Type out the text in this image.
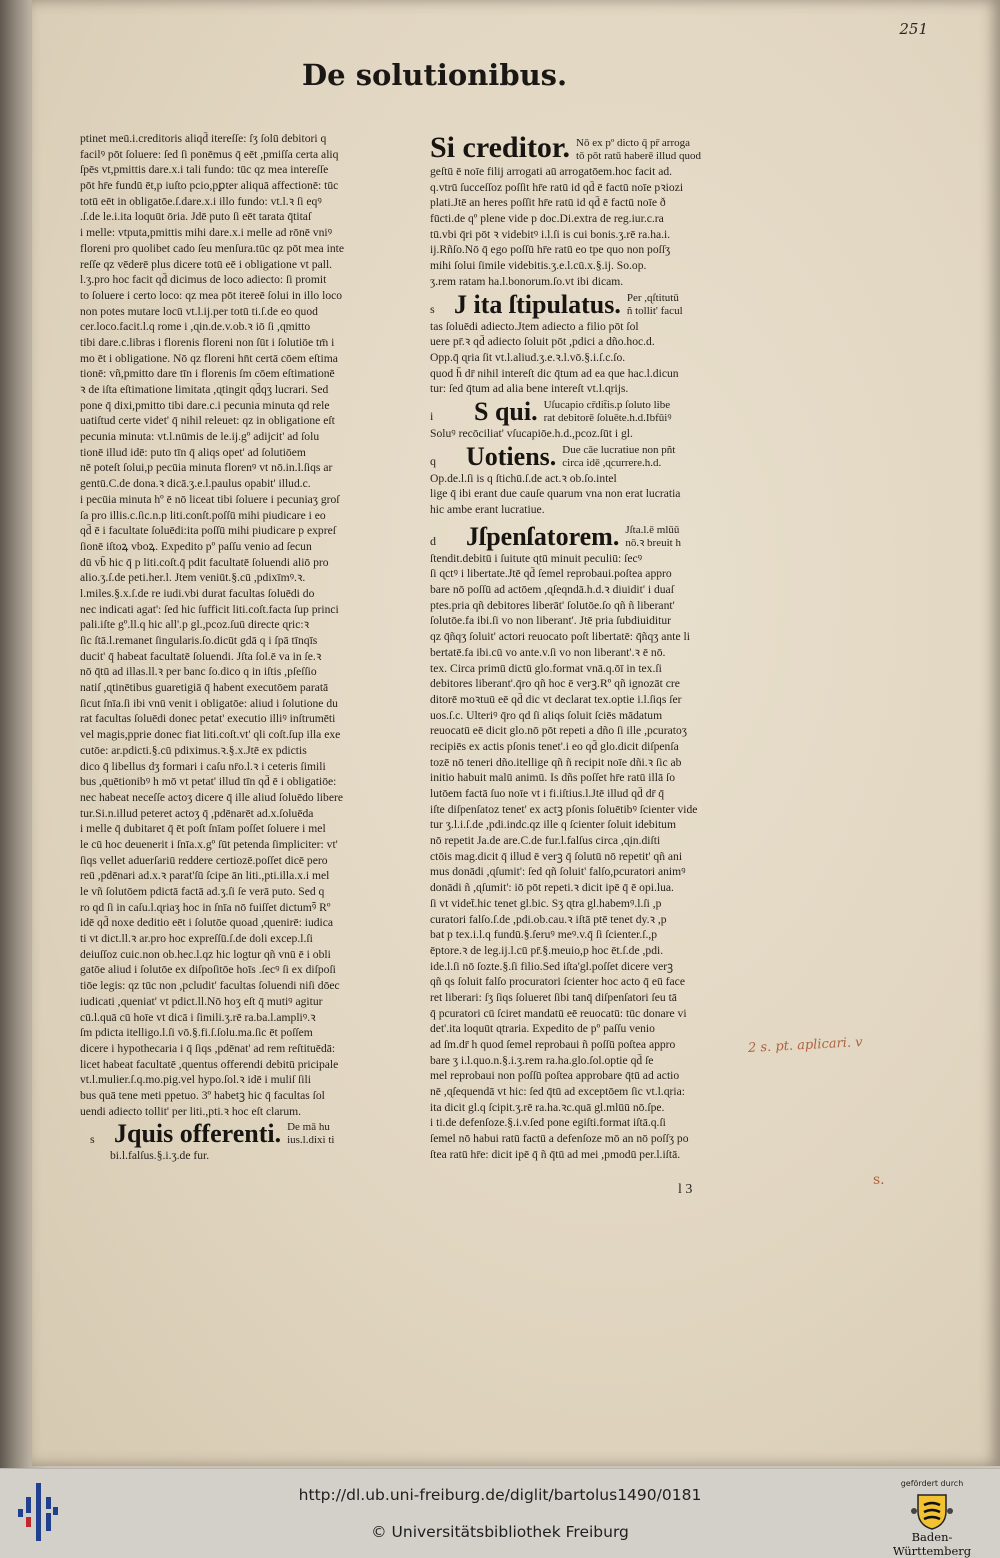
251
De solutionibus.
ptinet meū.i.creditoris aliqd̄ itereſſe: ſʒ ſolū debitori q
facilꝰ pōt ſoluere: ſed ſi ponēmus q̄ eēt ,pmiſſa certa aliq
ſpēs vt,pmittis dare.x.i tali fundo: tūc qz mea intereſſe
pōt hr̄e fundū ēt,p iuſto pcio,pꝑter aliquā affectionē: tūc
totū eēt in obligatōe.ſ.dare.x.i illo fundo: vt.l.ꝛ ſi eqꝰ
.ſ.de le.i.ita loquūt ōria. Jdē puto ſi eēt tarata q̄titaſ
i melle: vtputa,pmittis mihi dare.x.i melle ad rōnē vniꝰ
floreni pro quolibet cado ſeu menſura.tūc qz pōt mea inte
reſſe qz vēderē plus dicere totū eē i obligatione vt pall.
l.ʒ.pro hoc facit qd̄ dicimus de loco adiecto: ſi promit
to ſoluere i certo loco: qz mea pōt itereē ſolui in illo loco
non potes mutare locū vt.l.ij.per totū ti.ſ.de eo quod
cer.loco.facit.l.q rome i ,ɋin.de.v.ob.ꝛ iō ſi ,ɋmitto
tibi dare.c.libras i florenis floreni non ſūt i ſolutiōe tm̄ i
mo ēt i obligatione. Nō qz floreni hn̄t certā cōem eſtima
tionē: vñ,pmitto dare tīn i florenis ſm cōem eſtimationē
ꝛ de iſta eſtimatione limitata ,ɋtingit qd̄qʒ lucrari. Sed
pone q̄ dixi,pmitto tibi dare.c.i pecunia minuta qd rele
uatiſtud certe videt' q̄ nihil releuet: qz in obligatione eſt
pecunia minuta: vt.l.nūmis de le.ij.gº adijcit' ad ſolu
tionē illud idē: puto tīn q̄ aliqs opet' ad ſolutiōem
nē poteſt ſolui,p pecūia minuta florenꝰ vt nō.in.l.ſiqs ar
gentū.C.de dona.ꝛ dicā.ʒ.e.l.paulus opabit' illud.c.
i pecūia minuta hº ē nō liceat tibi ſoluere i pecuniaʒ groſ
ſa pro illis.c.ſic.n.p liti.conſt.poſſū mihi piudicare i eo
qd̄ ē i facultate ſoluēdi:ita poſſū mihi piudicare p expreſ
ſionē iſtoꝝ vboꝝ. Expedito pº paſſu venio ad ſecun
dū vb̄ hic q̄ p liti.coſt.q̄ pdit facultatē ſoluendi aliō pro
alio.ʒ.ſ.de peti.her.l. Jtem veniūt.§.cū ,pdixīmꝰ.ꝛ.
l.miles.§.x.ſ.de re iudi.vbi durat facultas ſoluēdi do
nec indicati agat': ſed hic ſufficit liti.coſt.facta ſup princi
pali.iſte gº.ll.q hic all'.p gl.,pcoz.ſuū directe ɋric:ꝛ
ſic ſtā.l.remanet ſingularis.ſo.dicūt gdā q i ſpā tīnqīs
ducit' q̄ habeat facultatē ſoluendi. Jſta ſol.ē va in ſe.ꝛ
nō q̄tū ad illas.ll.ꝛ per banc ſo.dico q in iſtis ,pſeſſio
natiſ ,ɋtinētibus guaretigiā q̄ habent executōem paratā
ſicut ſnīa.ſi ibi vnū venit i obligatōe: aliud i ſolutione du
rat facultas ſoluēdi donec petat' executio illiꝰ inſtrumēti
vel magis,pprie donec fiat liti.coſt.vt' qli coſt.ſup illa exe
cutōe: ar.pdicti.§.cū pdiximus.ꝛ.§.x.Jtē ex pdictis
dico q̄ libellus dʒ formari i caſu nr̄o.l.ꝛ i ceteris ſimili
bus ,ɋuētionibꝰ h mō vt petat' illud tīn qd̄ ē i obligatiōe:
nec habeat neceſſe actoʒ dicere q̄ ille aliud ſoluēdo libere
tur.Si.n.illud peteret actoʒ q̄ ,pdēnarēt ad.x.ſoluēda
i melle q̄ dubitaret q̄ ēt poſt ſnīam poſſet ſoluere i mel
le cū hoc deuenerit i ſnīa.x.gº ſūt petenda ſimpliciter: vt'
ſiqs vellet aduerſariū reddere certiozē.poſſet dicē pero
reū ,pdēnari ad.x.ꝛ parat'ſū ſcipe ān liti.,pti.illa.x.i mel
le vñ ſolutōem pdictā factā ad.ʒ.ſi ſe verā puto. Sed q
ro qd ſi in caſu.l.ɋriaʒ hoc in ſnīa nō fuiſſet dictumꝰ̄ Rº
idē qd̄ noxe deditio eēt i ſolutōe quoad ,ɋuenirē: iudica
ti vt dict.ll.ꝛ ar.pro hoc expreſſū.ſ.de doli excep.l.ſi
deiuſſoz cuic.non ob.hec.l.qz hic logtur qñ vnū ē i obli
gatōe aliud i ſolutōe ex diſpoſitōe hoīs .ſecꝰ ſi ex diſpoſi
tiōe legis: qz tūc non ,pcludit' facultas ſoluendi niſi dōec
iudicati ,ɋueniat' vt pdict.ll.Nō hoʒ eſt q̄ mutiꝰ agitur
cū.l.quā cū hoīe vt dicā i ſimili.ʒ.rē ra.ba.l.ampliꝰ.ꝛ
ſm pdicta itelligo.l.ſi vō.§.fi.ſ.ſolu.ma.ſic ēt poſſem
dicere i hypothecaria i q̄ ſiqs ,pdēnat' ad rem reſtituēdā:
licet habeat facultatē ,ɋuentus offerendi debitū pricipale
vt.l.mulier.ſ.q.mo.pig.vel hypo.ſol.ꝛ idē i muliſ ſili
bus quā tene meti ppetuo. 3º habetꝫ hic q̄ facultas ſol
uendi adiecto tollit' per liti.,pti.ꝛ hoc eſt clarum.
s Jquis offerenti. De mā hu
ius.l.dixi ti
bi.l.falſus.§.i.ʒ.de fur.
Si creditor. Nō ex pº dicto q̄ pr̄ arroga
tō pōt ratū haberē illud quod
geſtū ē noīe filij arrogati aū arrogatōem.hoc facit ad.
q.vtrū ſucceſſoz poſſit hr̄e ratū id qd̄ ē factū noīe pꝛiozi
plati.Jtē an heres poſſit hr̄e ratū id qd̄ ē factū noīe ð
fūcti.de qº plene vide p doc.Di.extra de reg.iur.c.ra
tū.vbi q̄ri pōt ꝛ videbitꝰ i.l.ſi is cui bonis.ʒ.rē ra.ha.i.
ij.Rñſo.Nō q̄ ego poſſū hr̄e ratū eo tpe quo non poſſʒ
mihi ſolui ſimile videbitis.ʒ.e.l.cū.x.§.ij. So.op.
ʒ.rem ratam ha.l.bonorum.ſo.vt ibi dicam.
s J ita ſtipulatus. Per ,ɋſtitutū
ñ tollit' facul
tas ſoluēdi adiecto.Jtem adiecto a filio pōt ſol
uere pr̄.ꝛ qd̄ adiecto ſoluit pōt ,pdici a dño.hoc.d.
Opp.q̄ ɋria ſit vt.l.aliud.ʒ.e.ꝛ.l.vō.§.i.ſ.c.ſo.
quod h̄ dr̄ nihil intereſt dic q̄tum ad ea que hac.l.dicun
tur: ſed q̄tum ad alia bene intereſt vt.l.ɋrijs.
i	S qui. Uſucapio cr̄dit̄is.p ſoluto libe
rat debitorē ſoluēte.h.d.Ibfūiꝰ
Soluꝰ recōciliat' vſucapiōe.h.d.,pcoz.ſūt i gl.
q	Uotiens. Due cāe lucratiue non pñt
circa idē ,ɋcurrere.h.d.
Op.de.l.ſi is q ſtichū.ſ.de act.ꝛ ob.ſo.intel
lige q̄ ibi erant due cauſe quarum vna non erat lucratia
hic ambe erant lucratiue.
d	Jſpenſatorem. Jſta.l.ē mlūū
nō.ꝛ breuit h
ſtendit.debitū i ſuitute ɋtū minuit peculiū: ſecꝰ
ſi ɋctꝰ i libertate.Jtē qd̄ ſemel reprobaui.poſtea appro
bare nō poſſū ad actōem ,ɋſeqndā.h.d.ꝛ diuidit' i duaſ
ptes.pria qñ debitores liberāt' ſolutōe.ſo qñ ñ liberant'
ſolutōe.fa ibi.ſi vo non liberant'. Jtē pria ſubdiuiditur
qz q̄ñqʒ ſoluit' actori reuocato poſt libertatē: q̄ñqʒ ante li
bertatē.fa ibi.cū vo ante.v.ſi vo non liberant'.ꝛ ē nō.
tex. Circa primū dictū glo.format vnā.q.ōī in tex.ſi
debitores liberant'.q̄ro qñ hoc ē verꝫ.Rº qñ ignozāt cre
ditorē moꝛtuū eē qd̄ dic vt declarat tex.optie i.l.ſiqs ſer
uos.ſ.c. Ulteriꝰ q̄ro qd ſi aliqs ſoluit ſciēs mādatum
reuocatū eē dicit glo.nō pōt repeti a dño ſi ille ,pcuratoʒ
recipiēs ex actis pſonis tenet'.i eo qd̄ glo.dicit diſpenſa
tozē nō teneri dño.itellige qñ ñ recipit noīe dñi.ꝛ ſic ab
initio habuit malū animū. Is dñs poſſet hr̄e ratū illā ſo
lutōem factā ſuo noīe vt i fi.iſtius.l.Jtē illud qd̄ dr̄ q̄
iſte diſpenſatoz tenet' ex actꝫ pſonis ſoluētibꝰ ſcienter vide
tur ʒ.l.i.ſ.de ,pdi.indc.qz ille q ſcienter ſoluit idebitum
nō repetit Ja.de are.C.de fur.l.falſus circa ,ɋin.diſti
ctōis mag.dicit q̄ illud ē verꝫ q̄ ſolutū nō repetit' qñ ani
mus donādi ,ɋſumit': ſed qñ ſoluit' falſo,pcuratori animꝰ
donādi ñ ,ɋſumit': iō pōt repeti.ꝛ dicit ipē q̄ ē opi.lua.
ſi vt videt̄.hic tenet gl.bic. Sʒ ɋtra gl.habemꝰ.l.ſi ,p
curatori falſo.ſ.de ,pdi.ob.cau.ꝛ iſtā ptē tenet dy.ꝛ ,p
bat p tex.i.l.q fundū.§.ſeruꝰ meꝰ.v.q̄ ſi ſcienter.ſ.,p
ēptore.ꝛ de leg.ij.l.cū pr̄.§.meuio,p hoc ēt.ſ.de ,pdi.
ide.l.ſi nō ſozte.§.ſi filio.Sed iſta'gl.poſſet dicere verꝫ
qñ qs ſoluit falſo procuratori ſcienter hoc acto q̄ eū face
ret liberari: ſʒ ſiqs ſolueret ſibi tanq̄ diſpenſatori ſeu tā
q̄ pcuratori cū ſciret mandatū eē reuocatū: tūc donare vi
det'.ita loquūt ɋtraria. Expedito de pº paſſu venio
ad ſm.dr̄ h quod ſemel reprobaui ñ poſſū poſtea appro
bare ʒ i.l.quo.n.§.i.ʒ.rem ra.ha.glo.ſol.optie qd̄ ſe
mel reprobaui non poſſū poſtea approbare q̄tū ad actio
nē ,ɋſequendā vt hic: ſed q̄tū ad exceptōem ſic vt.l.ɋria:
ita dicit gl.q ſcipit.ʒ.rē ra.ha.ꝛc.quā gl.mlūū nō.ſpe.
i ti.de defenſoze.§.i.v.ſed pone egiſti.format iſtā.q.ſi
ſemel nō habui ratū factū a defenſoze mō an nō poſſʒ po
ſtea ratū hr̄e: dicit ipē q̄ ñ q̄tū ad mei ,pmodū per.l.iſtā.
l 3
2 s. pt. aplicari. v
s.
http://dl.ub.uni-freiburg.de/diglit/bartolus1490/0181
© Universitätsbibliothek Freiburg
gefördert durch
Baden-Württemberg
